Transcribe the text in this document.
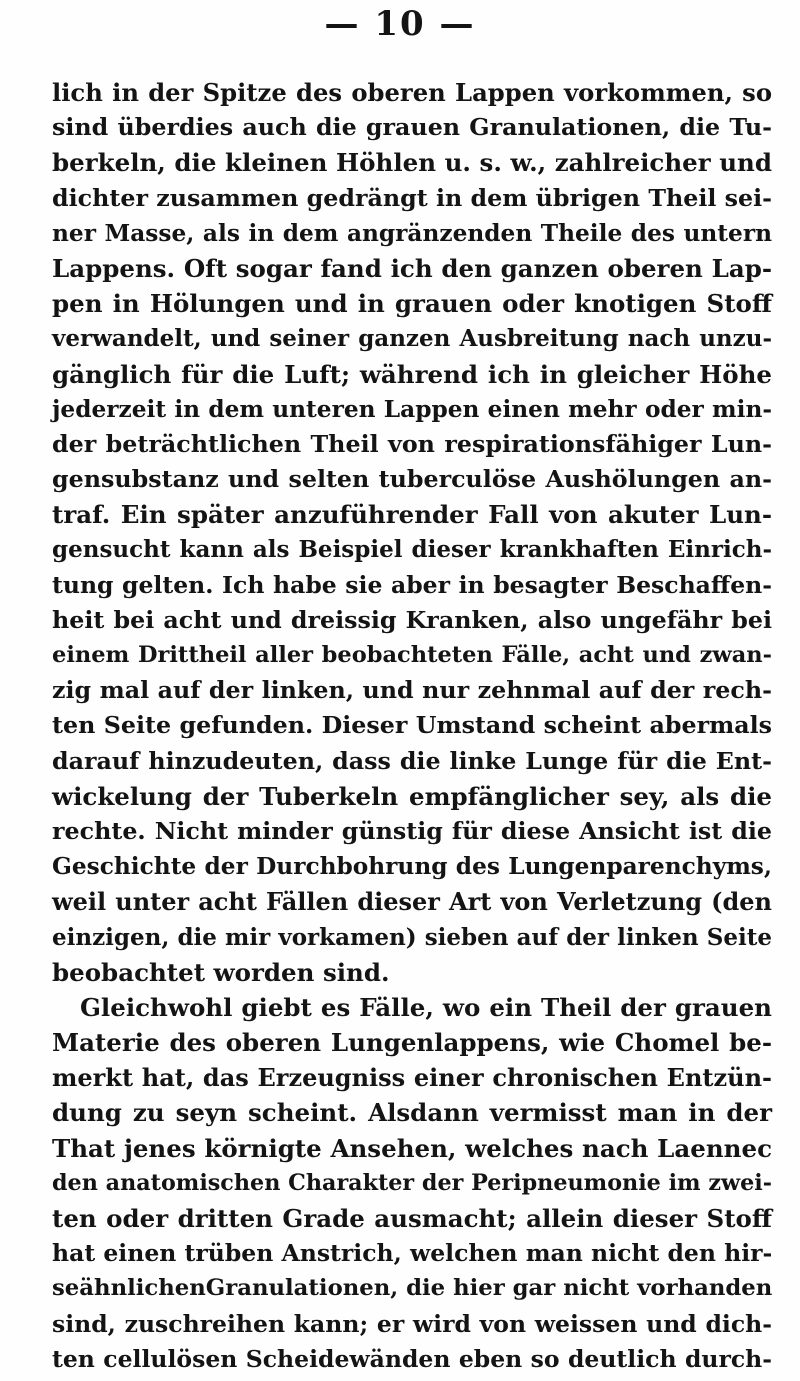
— 10 —
lich in der Spitze des oberen Lappen vorkommen, so
sind überdies auch die grauen Granulationen, die Tu-
berkeln, die kleinen Höhlen u. s. w., zahlreicher und
dichter zusammen gedrängt in dem übrigen Theil sei-
ner Masse, als in dem angränzenden Theile des untern
Lappens. Oft sogar fand ich den ganzen oberen Lap-
pen in Hölungen und in grauen oder knotigen Stoff
verwandelt, und seiner ganzen Ausbreitung nach unzu-
gänglich für die Luft; während ich in gleicher Höhe
jederzeit in dem unteren Lappen einen mehr oder min-
der beträchtlichen Theil von respirationsfähiger Lun-
gensubstanz und selten tuberculöse Aushölungen an-
traf. Ein später anzuführender Fall von akuter Lun-
gensucht kann als Beispiel dieser krankhaften Einrich-
tung gelten. Ich habe sie aber in besagter Beschaffen-
heit bei acht und dreissig Kranken, also ungefähr bei
einem Drittheil aller beobachteten Fälle, acht und zwan-
zig mal auf der linken, und nur zehnmal auf der rech-
ten Seite gefunden. Dieser Umstand scheint abermals
darauf hinzudeuten, dass die linke Lunge für die Ent-
wickelung der Tuberkeln empfänglicher sey, als die
rechte. Nicht minder günstig für diese Ansicht ist die
Geschichte der Durchbohrung des Lungenparenchyms,
weil unter acht Fällen dieser Art von Verletzung (den
einzigen, die mir vorkamen) sieben auf der linken Seite
beobachtet worden sind.
Gleichwohl giebt es Fälle, wo ein Theil der grauen
Materie des oberen Lungenlappens, wie Chomel be-
merkt hat, das Erzeugniss einer chronischen Entzün-
dung zu seyn scheint. Alsdann vermisst man in der
That jenes körnigte Ansehen, welches nach Laennec
den anatomischen Charakter der Peripneumonie im zwei-
ten oder dritten Grade ausmacht; allein dieser Stoff
hat einen trüben Anstrich, welchen man nicht den hir-
seähnlichenGranulationen, die hier gar nicht vorhanden
sind, zuschreihen kann; er wird von weissen und dich-
ten cellulösen Scheidewänden eben so deutlich durch-
